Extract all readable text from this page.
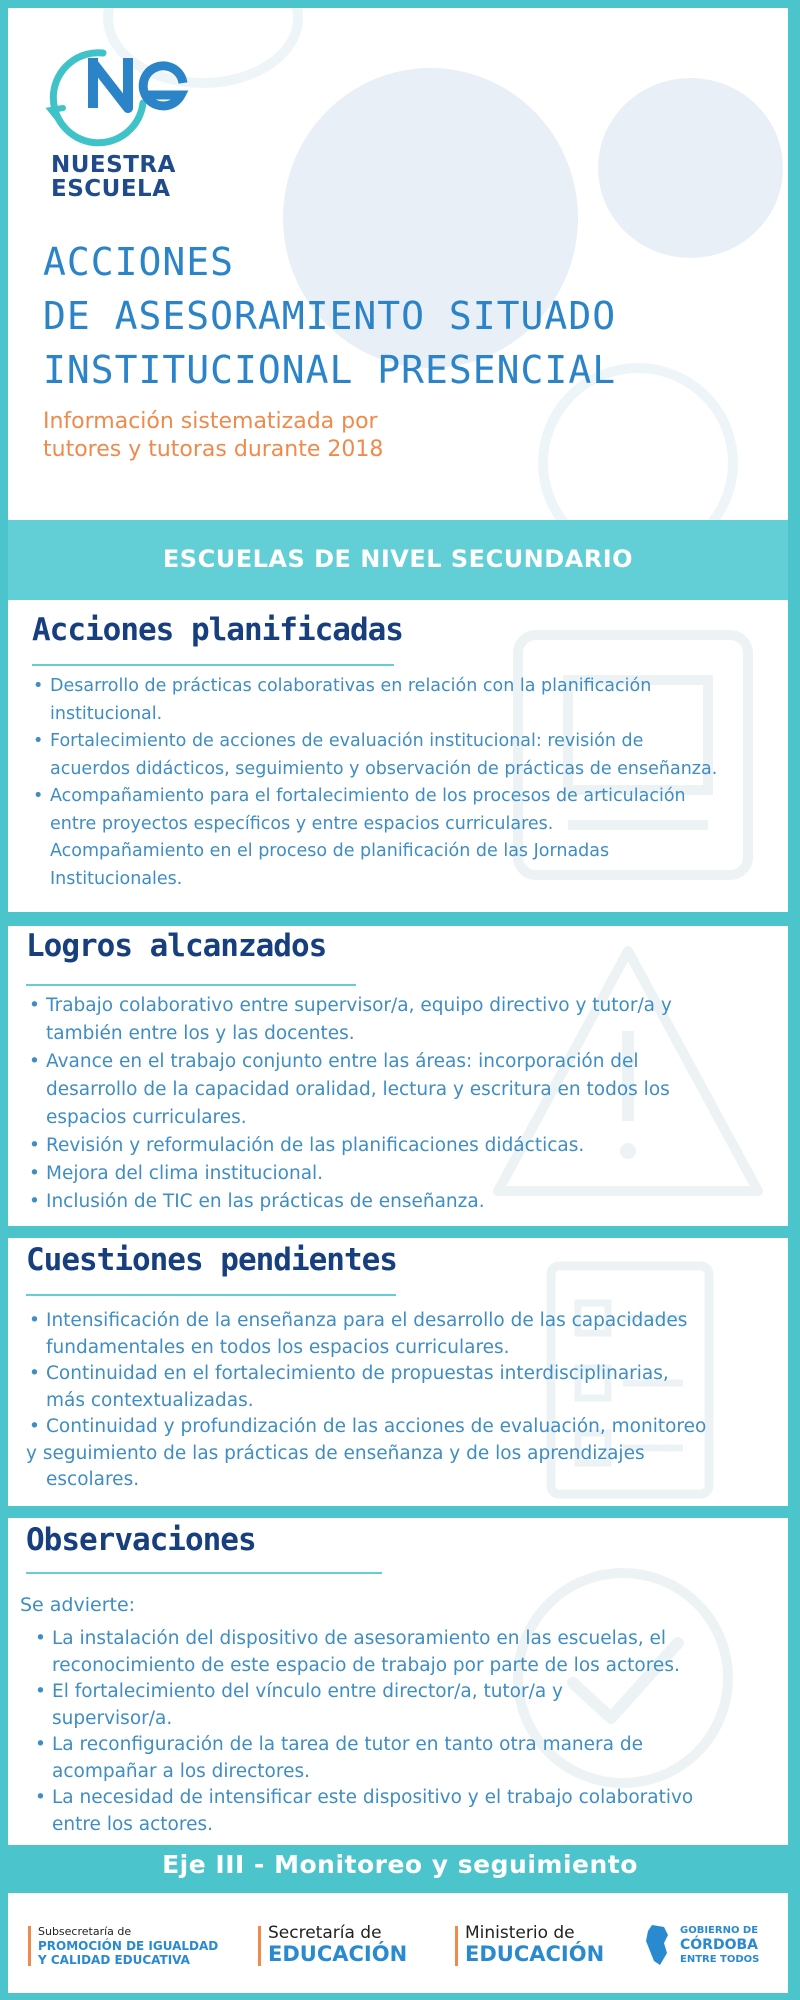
NUESTRA
ESCUELA
ACCIONES
DE ASESORAMIENTO SITUADO
INSTITUCIONAL PRESENCIAL
Información sistematizada por
tutores y tutoras durante 2018
ESCUELAS DE NIVEL SECUNDARIO
Acciones planificadas
• Desarrollo de prácticas colaborativas en relación con la planificación
institucional.
• Fortalecimiento de acciones de evaluación institucional: revisión de
acuerdos didácticos, seguimiento y observación de prácticas de enseñanza.
• Acompañamiento para el fortalecimiento de los procesos de articulación
entre proyectos específicos y entre espacios curriculares.
Acompañamiento en el proceso de planificación de las Jornadas
Institucionales.
Logros alcanzados
• Trabajo colaborativo entre supervisor/a, equipo directivo y tutor/a y
también entre los y las docentes.
• Avance en el trabajo conjunto entre las áreas: incorporación del
desarrollo de la capacidad oralidad, lectura y escritura en todos los
espacios curriculares.
• Revisión y reformulación de las planificaciones didácticas.
• Mejora del clima institucional.
• Inclusión de TIC en las prácticas de enseñanza.
Cuestiones pendientes
• Intensificación de la enseñanza para el desarrollo de las capacidades
fundamentales en todos los espacios curriculares.
• Continuidad en el fortalecimiento de propuestas interdisciplinarias,
más contextualizadas.
• Continuidad y profundización de las acciones de evaluación, monitoreo
y seguimiento de las prácticas de enseñanza y de los aprendizajes
escolares.
Observaciones
Se advierte:
• La instalación del dispositivo de asesoramiento en las escuelas, el
reconocimiento de este espacio de trabajo por parte de los actores.
• El fortalecimiento del vínculo entre director/a, tutor/a y
supervisor/a.
• La reconfiguración de la tarea de tutor en tanto otra manera de
acompañar a los directores.
• La necesidad de intensificar este dispositivo y el trabajo colaborativo
entre los actores.
Eje III - Monitoreo y seguimiento
Subsecretaría de
PROMOCIÓN DE IGUALDAD
Y CALIDAD EDUCATIVA
Secretaría de
EDUCACIÓN
Ministerio de
EDUCACIÓN
GOBIERNO DE
CÓRDOBA
ENTRE TODOS
